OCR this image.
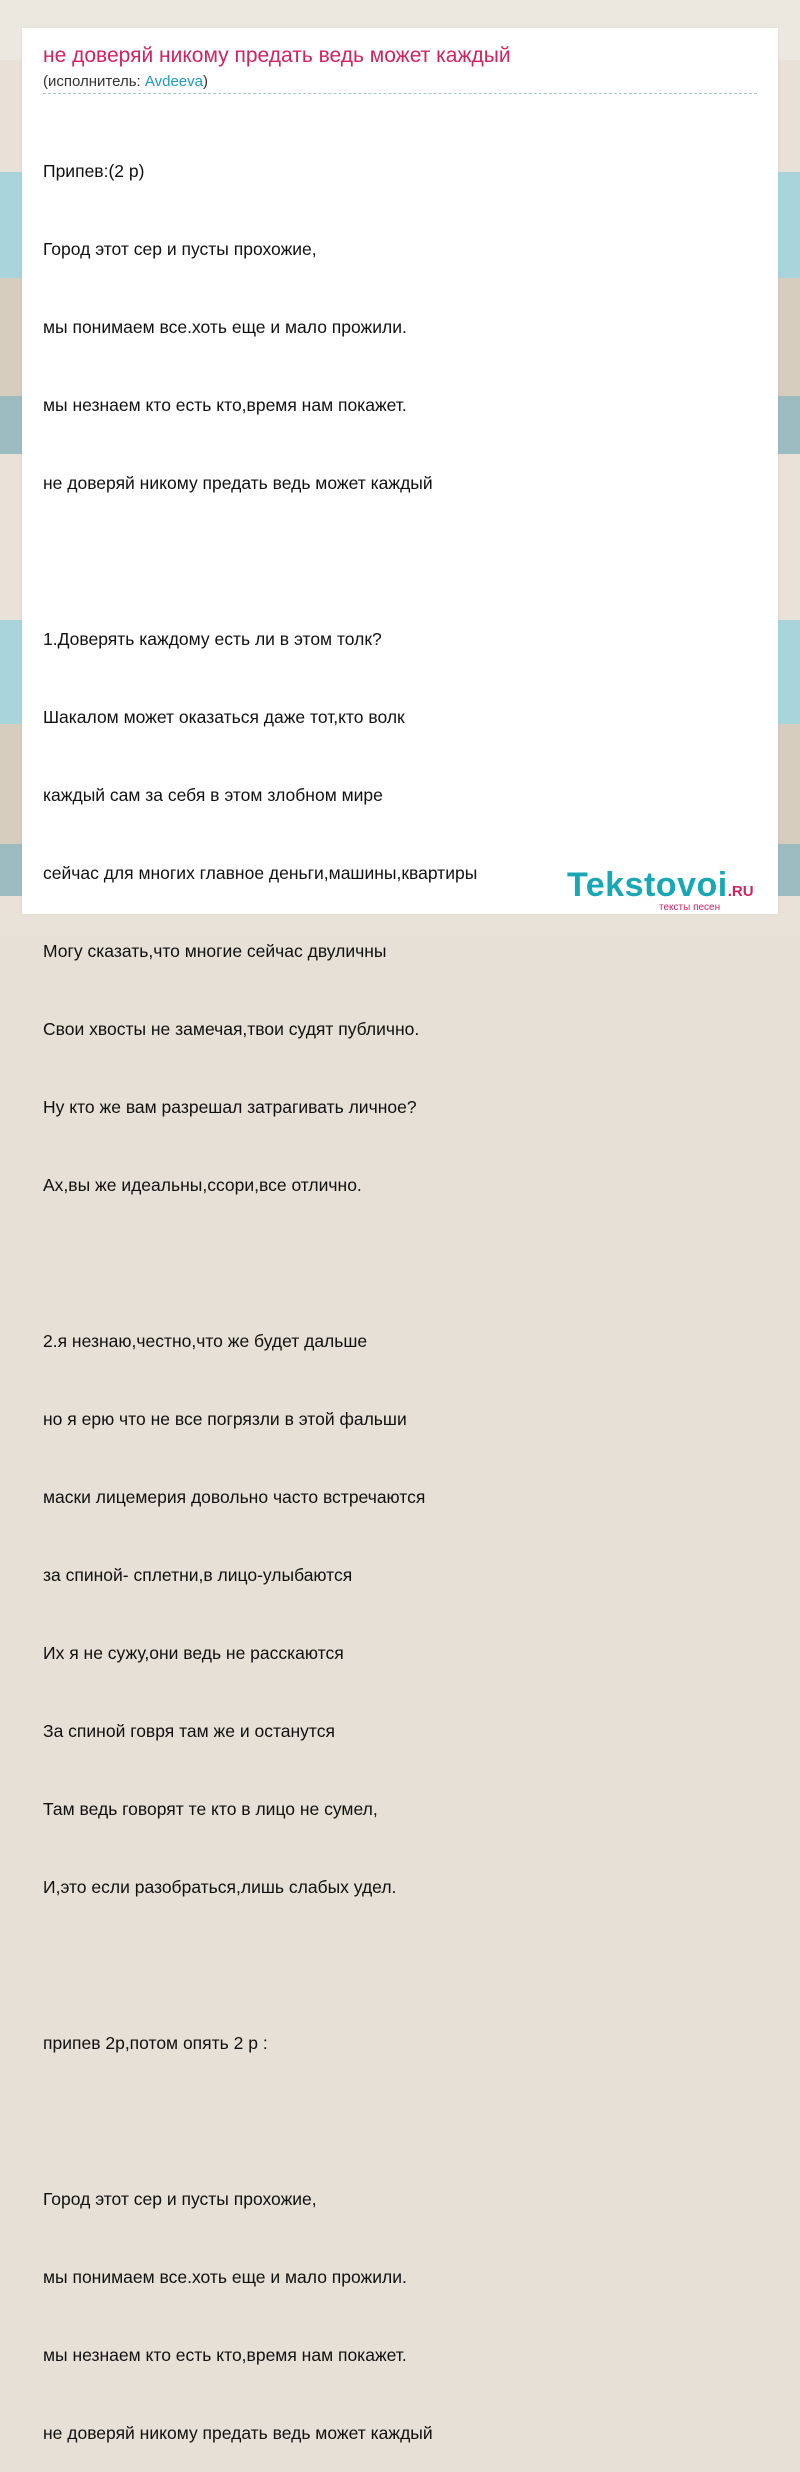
не доверяй никому предать ведь может каждый
(исполнитель: Avdeeva)

Припев:(2 р)

Город этот сер и пусты прохожие,

мы понимаем все.хоть еще и мало прожили.

мы незнаем кто есть кто,время нам покажет.

не доверяй никому предать ведь может каждый

1.Доверять каждому есть ли в этом толк?

Шакалом может оказаться даже тот,кто волк

каждый сам за себя в этом злобном мире

сейчас для многих главное деньги,машины,квартиры

Могу сказать,что многие сейчас двуличны

Свои хвосты не замечая,твои судят публично.

Ну кто же вам разрешал затрагивать личное?

Ах,вы же идеальны,ссори,все отлично.

2.я незнаю,честно,что же будет дальше

но я ерю что не все погрязли в этой фальши

маски лицемерия довольно часто встречаются

за спиной- сплетни,в лицо-улыбаются

Их я не сужу,они ведь не расскаются

За спиной говря там же и останутся

Там ведь говорят те кто в лицо не сумел,

И,это если разобраться,лишь слабых удел.

припев 2р,потом опять 2 р :

Город этот сер и пусты прохожие,

мы понимаем все.хоть еще и мало прожили.

мы незнаем кто есть кто,время нам покажет.

не доверяй никому предать ведь может каждый

Tekstovoi.RU
тексты песен
